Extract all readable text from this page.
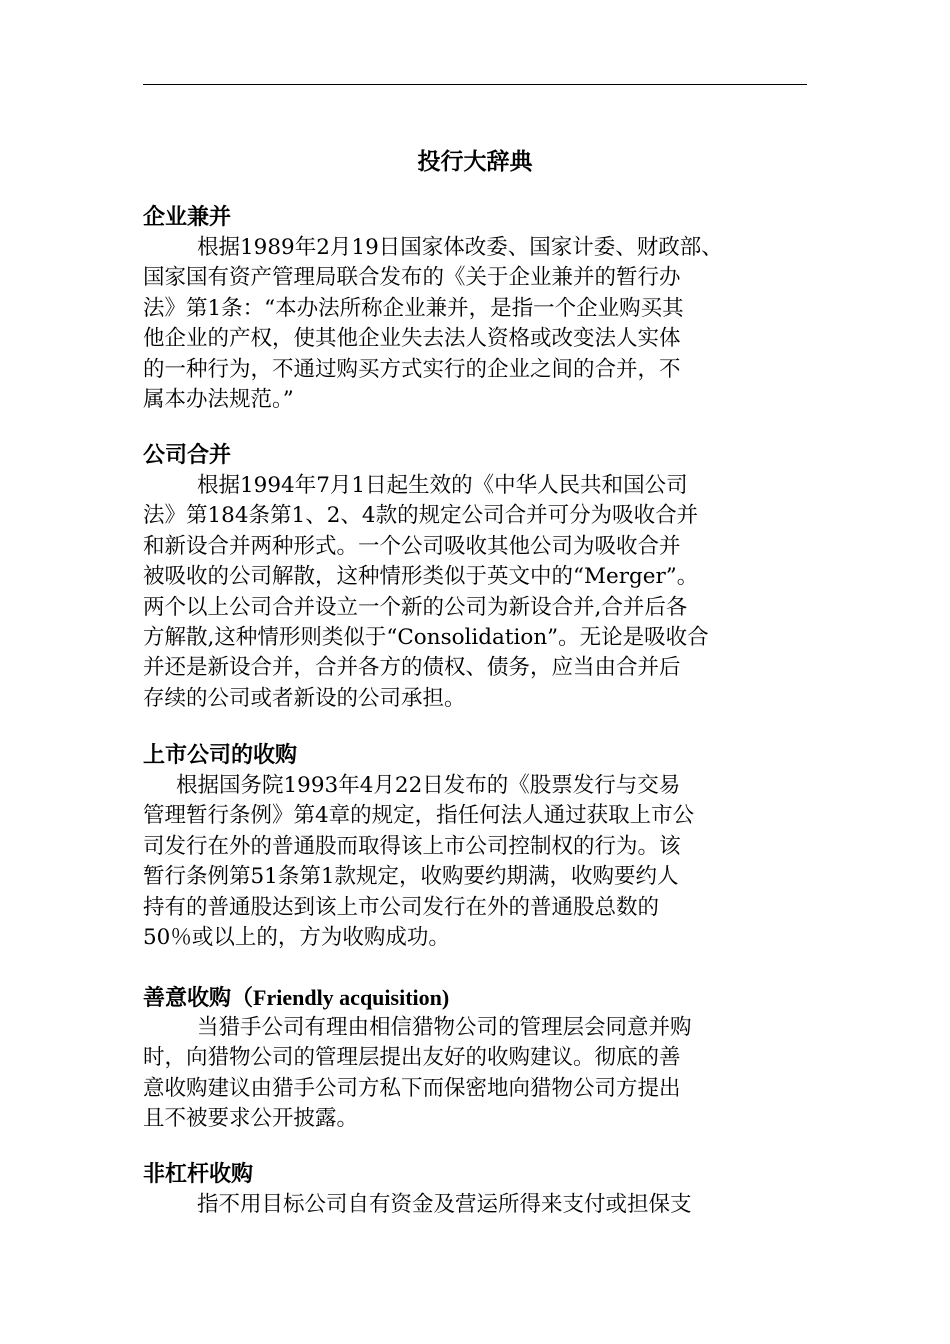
投行大辞典
企业兼并
根据1989年2月19日国家体改委、国家计委、财政部、
国家国有资产管理局联合发布的《关于企业兼并的暂行办
法》第1条：“本办法所称企业兼并，是指一个企业购买其
他企业的产权，使其他企业失去法人资格或改变法人实体
的一种行为，不通过购买方式实行的企业之间的合并，不
属本办法规范。”
公司合并
根据1994年7月1日起生效的《中华人民共和国公司
法》第184条第1、2、4款的规定公司合并可分为吸收合并
和新设合并两种形式。一个公司吸收其他公司为吸收合并
被吸收的公司解散，这种情形类似于英文中的“Merger”。
两个以上公司合并设立一个新的公司为新设合并,合并后各
方解散,这种情形则类似于“Consolidation”。无论是吸收合
并还是新设合并，合并各方的债权、债务，应当由合并后
存续的公司或者新设的公司承担。
上市公司的收购
根据国务院1993年4月22日发布的《股票发行与交易
管理暂行条例》第4章的规定，指任何法人通过获取上市公
司发行在外的普通股而取得该上市公司控制权的行为。该
暂行条例第51条第1款规定，收购要约期满，收购要约人
持有的普通股达到该上市公司发行在外的普通股总数的
50％或以上的，方为收购成功。
善意收购（Friendly acquisition)
当猎手公司有理由相信猎物公司的管理层会同意并购
时，向猎物公司的管理层提出友好的收购建议。彻底的善
意收购建议由猎手公司方私下而保密地向猎物公司方提出
且不被要求公开披露。
非杠杆收购
指不用目标公司自有资金及营运所得来支付或担保支
